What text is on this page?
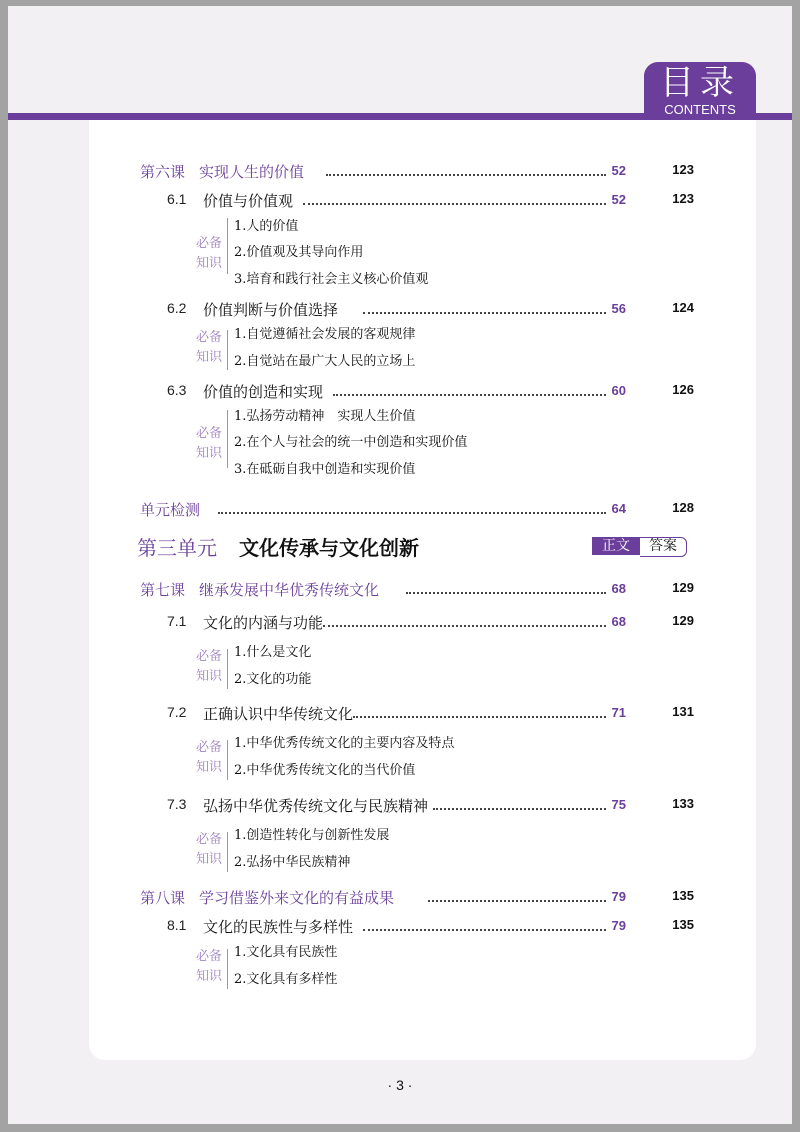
目录
CONTENTS
· 3 ·
第六课 实现人生的价值	52	123
6.1	价值与价值观	52	123
必备
知识
1.人的价值
2.价值观及其导向作用
3.培育和践行社会主义核心价值观
6.2	价值判断与价值选择	56	124
必备
知识
1.自觉遵循社会发展的客观规律
2.自觉站在最广大人民的立场上
6.3	价值的创造和实现	60	126
必备
知识
1.弘扬劳动精神　实现人生价值
2.在个人与社会的统一中创造和实现价值
3.在砥砺自我中创造和实现价值
单元检测	64	128
第三单元 文化传承与文化创新	正文	答案
第七课 继承发展中华优秀传统文化	68	129
7.1	文化的内涵与功能	68	129
必备
知识
1.什么是文化
2.文化的功能
7.2	正确认识中华传统文化	71	131
必备
知识
1.中华优秀传统文化的主要内容及特点
2.中华优秀传统文化的当代价值
7.3	弘扬中华优秀传统文化与民族精神	75	133
必备
知识
1.创造性转化与创新性发展
2.弘扬中华民族精神
第八课 学习借鉴外来文化的有益成果	79	135
8.1	文化的民族性与多样性	79	135
必备
知识
1.文化具有民族性
2.文化具有多样性
